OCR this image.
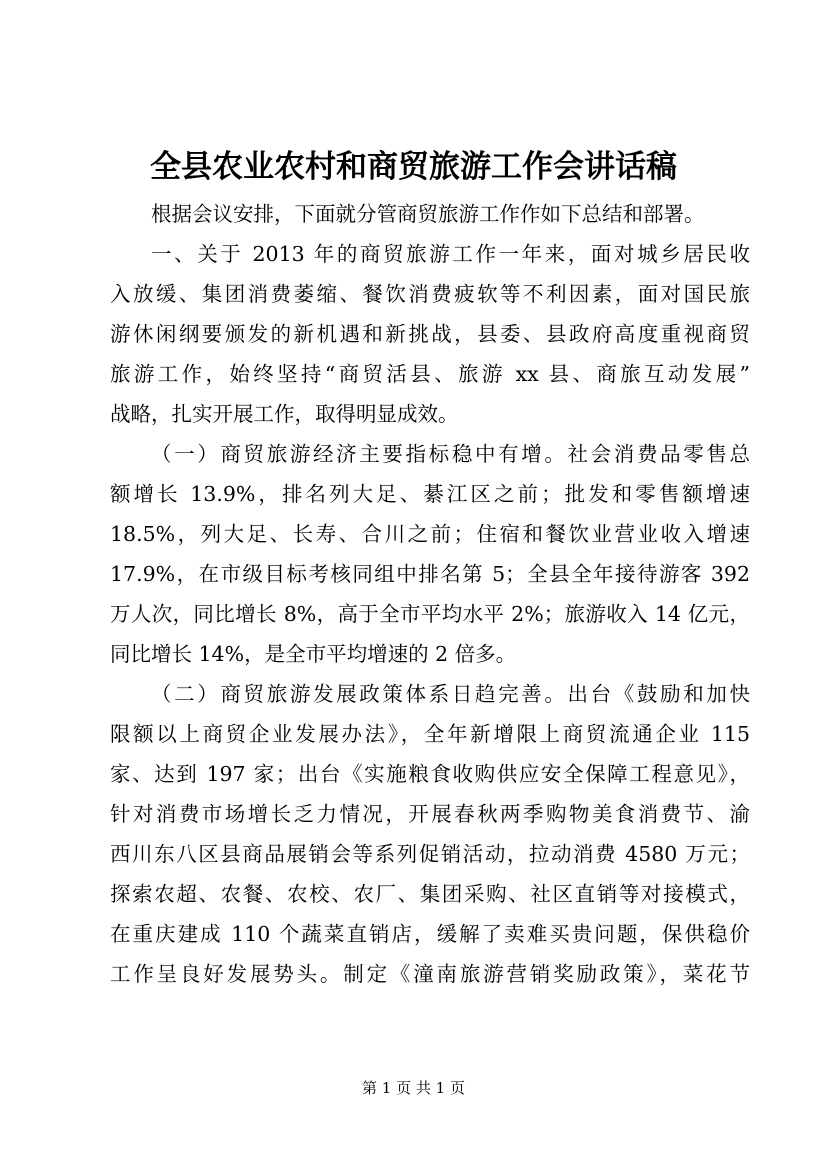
全县农业农村和商贸旅游工作会讲话稿
根据会议安排，下面就分管商贸旅游工作作如下总结和部署。
一、关于 2013 年的商贸旅游工作一年来，面对城乡居民收
入放缓、集团消费萎缩、餐饮消费疲软等不利因素，面对国民旅
游休闲纲要颁发的新机遇和新挑战，县委、县政府高度重视商贸
旅游工作，始终坚持“商贸活县、旅游 xx 县、商旅互动发展”
战略，扎实开展工作，取得明显成效。
（一）商贸旅游经济主要指标稳中有增。社会消费品零售总
额增长 13.9%，排名列大足、綦江区之前；批发和零售额增速
18.5%，列大足、长寿、合川之前；住宿和餐饮业营业收入增速
17.9%，在市级目标考核同组中排名第 5；全县全年接待游客 392
万人次，同比增长 8%，高于全市平均水平 2%；旅游收入 14 亿元，
同比增长 14%，是全市平均增速的 2 倍多。
（二）商贸旅游发展政策体系日趋完善。出台《鼓励和加快
限额以上商贸企业发展办法》，全年新增限上商贸流通企业 115
家、达到 197 家；出台《实施粮食收购供应安全保障工程意见》，
针对消费市场增长乏力情况，开展春秋两季购物美食消费节、渝
西川东八区县商品展销会等系列促销活动，拉动消费 4580 万元；
探索农超、农餐、农校、农厂、集团采购、社区直销等对接模式，
在重庆建成 110 个蔬菜直销店，缓解了卖难买贵问题，保供稳价
工作呈良好发展势头。制定《潼南旅游营销奖励政策》，菜花节
第 1 页 共 1 页
